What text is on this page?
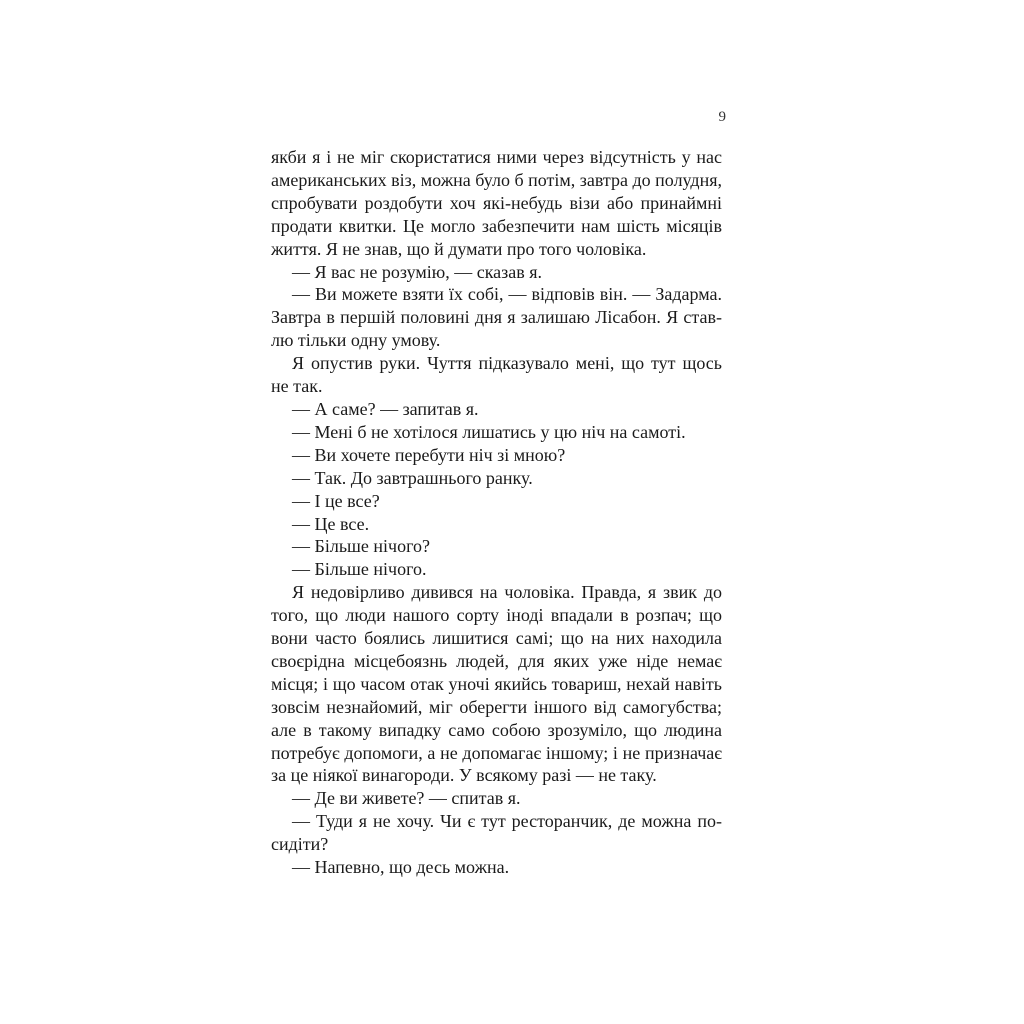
9

якби я і не міг скористатися ними через відсутність у нас американських віз, можна було б потім, завтра до полудня, спробувати роздобути хоч які-небудь візи або принаймні продати квитки. Це могло забезпечити нам шість місяців життя. Я не знав, що й думати про того чоловіка.

— Я вас не розумію, — сказав я.

— Ви можете взяти їх собі, — відповів він. — Задарма. Завтра в першій половині дня я залишаю Лісабон. Я ставлю тільки одну умову.

Я опустив руки. Чуття підказувало мені, що тут щось не так.

— А саме? — запитав я.

— Мені б не хотілося лишатись у цю ніч на самоті.

— Ви хочете перебути ніч зі мною?

— Так. До завтрашнього ранку.

— І це все?

— Це все.

— Більше нічого?

— Більше нічого.

Я недовірливо дивився на чоловіка. Правда, я звик до того, що люди нашого сорту іноді впадали в розпач; що вони часто боялись лишитися самі; що на них находила своєрідна місцебоязнь людей, для яких уже ніде немає місця; і що часом отак уночі якийсь товариш, нехай навіть зовсім незнайомий, міг оберегти іншого від самогубства; але в такому випадку само собою зрозуміло, що людина потребує допомоги, а не допомагає іншому; і не призначає за це ніякої винагороди. У всякому разі — не таку.

— Де ви живете? — спитав я.

— Туди я не хочу. Чи є тут ресторанчик, де можна посидіти?

— Напевно, що десь можна.
